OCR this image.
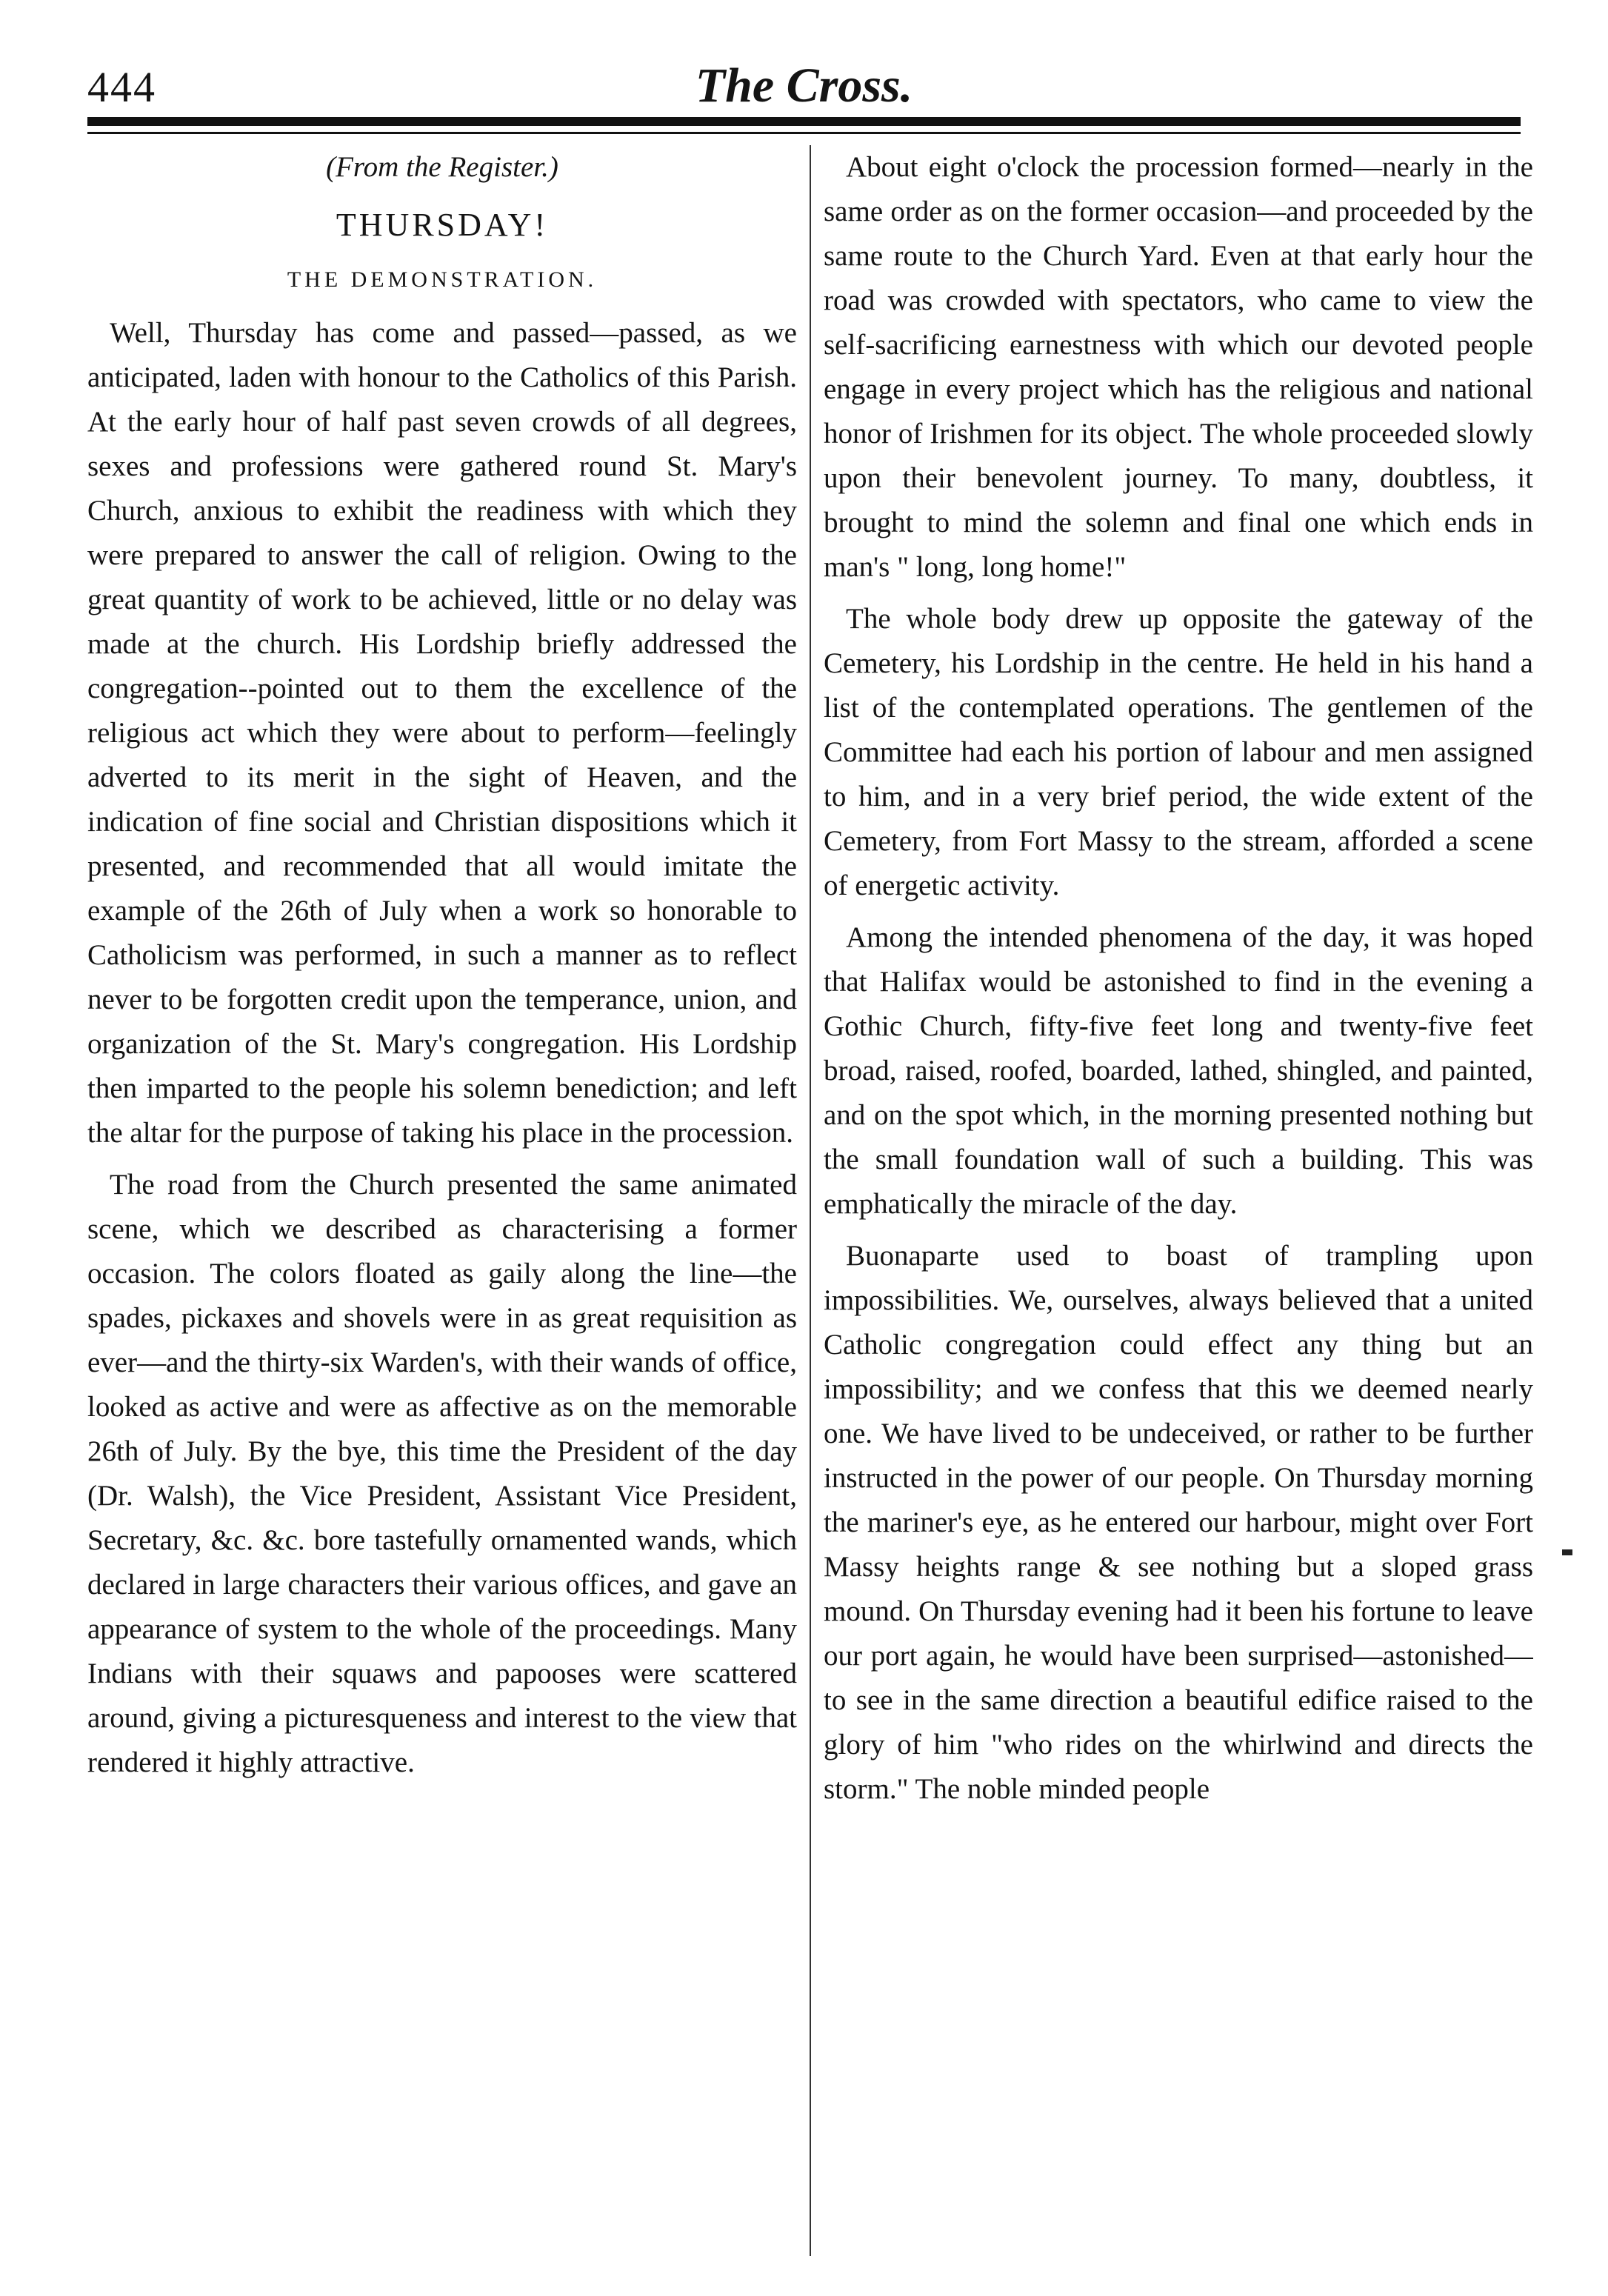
444	The Cross.
(From the Register.)
THURSDAY!
THE DEMONSTRATION.

Well, Thursday has come and passed—passed, as we anticipated, laden with honour to the Catholics of this Parish. At the early hour of half past seven crowds of all degrees, sexes and professions were gathered round St. Mary's Church, anxious to exhibit the readiness with which they were prepared to answer the call of religion. Owing to the great quantity of work to be achieved, little or no delay was made at the church. His Lordship briefly addressed the congregation--pointed out to them the excellence of the religious act which they were about to perform—feelingly adverted to its merit in the sight of Heaven, and the indication of fine social and Christian dispositions which it presented, and recommended that all would imitate the example of the 26th of July when a work so honorable to Catholicism was performed, in such a manner as to reflect never to be forgotten credit upon the temperance, union, and organization of the St. Mary's congregation. His Lordship then imparted to the people his solemn benediction; and left the altar for the purpose of taking his place in the procession.

The road from the Church presented the same animated scene, which we described as characterising a former occasion. The colors floated as gaily along the line—the spades, pickaxes and shovels were in as great requisition as ever—and the thirty-six Warden's, with their wands of office, looked as active and were as affective as on the memorable 26th of July. By the bye, this time the President of the day (Dr. Walsh), the Vice President, Assistant Vice President, Secretary, &c. &c. bore tastefully ornamented wands, which declared in large characters their various offices, and gave an appearance of system to the whole of the proceedings. Many Indians with their squaws and papooses were scattered around, giving a picturesqueness and interest to the view that rendered it highly attractive.

About eight o'clock the procession formed—nearly in the same order as on the former occasion—and proceeded by the same route to the Church Yard. Even at that early hour the road was crowded with spectators, who came to view the self-sacrificing earnestness with which our devoted people engage in every project which has the religious and national honor of Irishmen for its object. The whole proceeded slowly upon their benevolent journey. To many, doubtless, it brought to mind the solemn and final one which ends in man's " long, long home!"

The whole body drew up opposite the gateway of the Cemetery, his Lordship in the centre. He held in his hand a list of the contemplated operations. The gentlemen of the Committee had each his portion of labour and men assigned to him, and in a very brief period, the wide extent of the Cemetery, from Fort Massy to the stream, afforded a scene of energetic activity.

Among the intended phenomena of the day, it was hoped that Halifax would be astonished to find in the evening a Gothic Church, fifty-five feet long and twenty-five feet broad, raised, roofed, boarded, lathed, shingled, and painted, and on the spot which, in the morning presented nothing but the small foundation wall of such a building. This was emphatically the miracle of the day.

Buonaparte used to boast of trampling upon impossibilities. We, ourselves, always believed that a united Catholic congregation could effect any thing but an impossibility; and we confess that this we deemed nearly one. We have lived to be undeceived, or rather to be further instructed in the power of our people. On Thursday morning the mariner's eye, as he entered our harbour, might over Fort Massy heights range & see nothing but a sloped grass mound. On Thursday evening had it been his fortune to leave our port again, he would have been surprised—astonished—to see in the same direction a beautiful edifice raised to the glory of him "who rides on the whirlwind and directs the storm." The noble minded people
